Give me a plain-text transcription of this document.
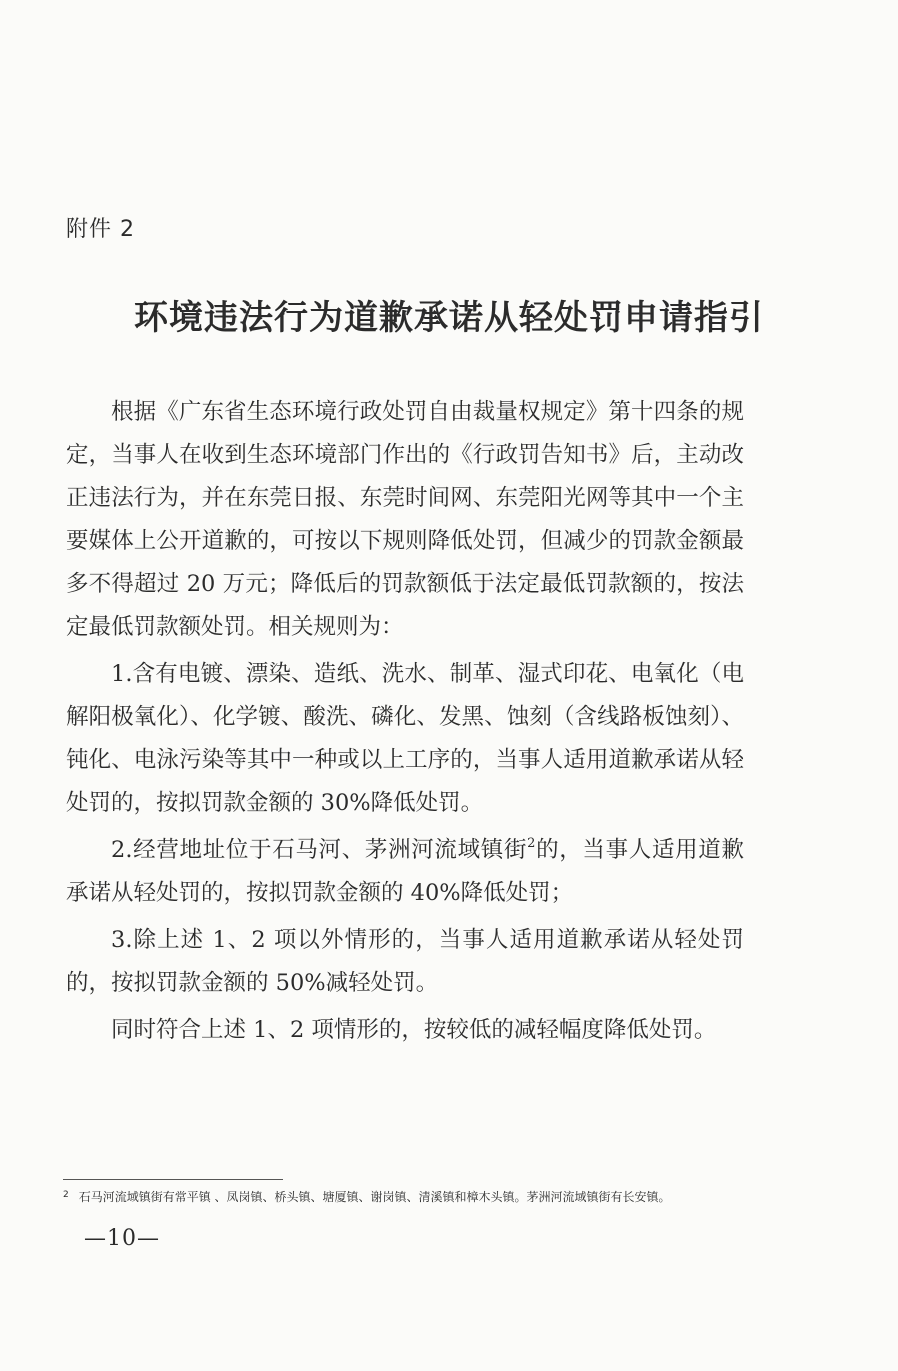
附件 2
环境违法行为道歉承诺从轻处罚申请指引

根据《广东省生态环境行政处罚自由裁量权规定》第十四条的规定，当事人在收到生态环境部门作出的《行政罚告知书》后，主动改正违法行为，并在东莞日报、东莞时间网、东莞阳光网等其中一个主要媒体上公开道歉的，可按以下规则降低处罚，但减少的罚款金额最多不得超过 20 万元；降低后的罚款额低于法定最低罚款额的，按法定最低罚款额处罚。相关规则为：

1.含有电镀、漂染、造纸、洗水、制革、湿式印花、电氧化（电解阳极氧化）、化学镀、酸洗、磷化、发黑、蚀刻（含线路板蚀刻）、钝化、电泳污染等其中一种或以上工序的，当事人适用道歉承诺从轻处罚的，按拟罚款金额的 30%降低处罚。

2.经营地址位于石马河、茅洲河流域镇街$^2$的，当事人适用道歉承诺从轻处罚的，按拟罚款金额的 40%降低处罚；

3.除上述 1、2 项以外情形的，当事人适用道歉承诺从轻处罚的，按拟罚款金额的 50%减轻处罚。

同时符合上述 1、2 项情形的，按较低的减轻幅度降低处罚。

$^2$ 石马河流域镇街有常平镇 、凤岗镇、桥头镇、塘厦镇、谢岗镇、清溪镇和樟木头镇。茅洲河流域镇街有长安镇。
—10—
